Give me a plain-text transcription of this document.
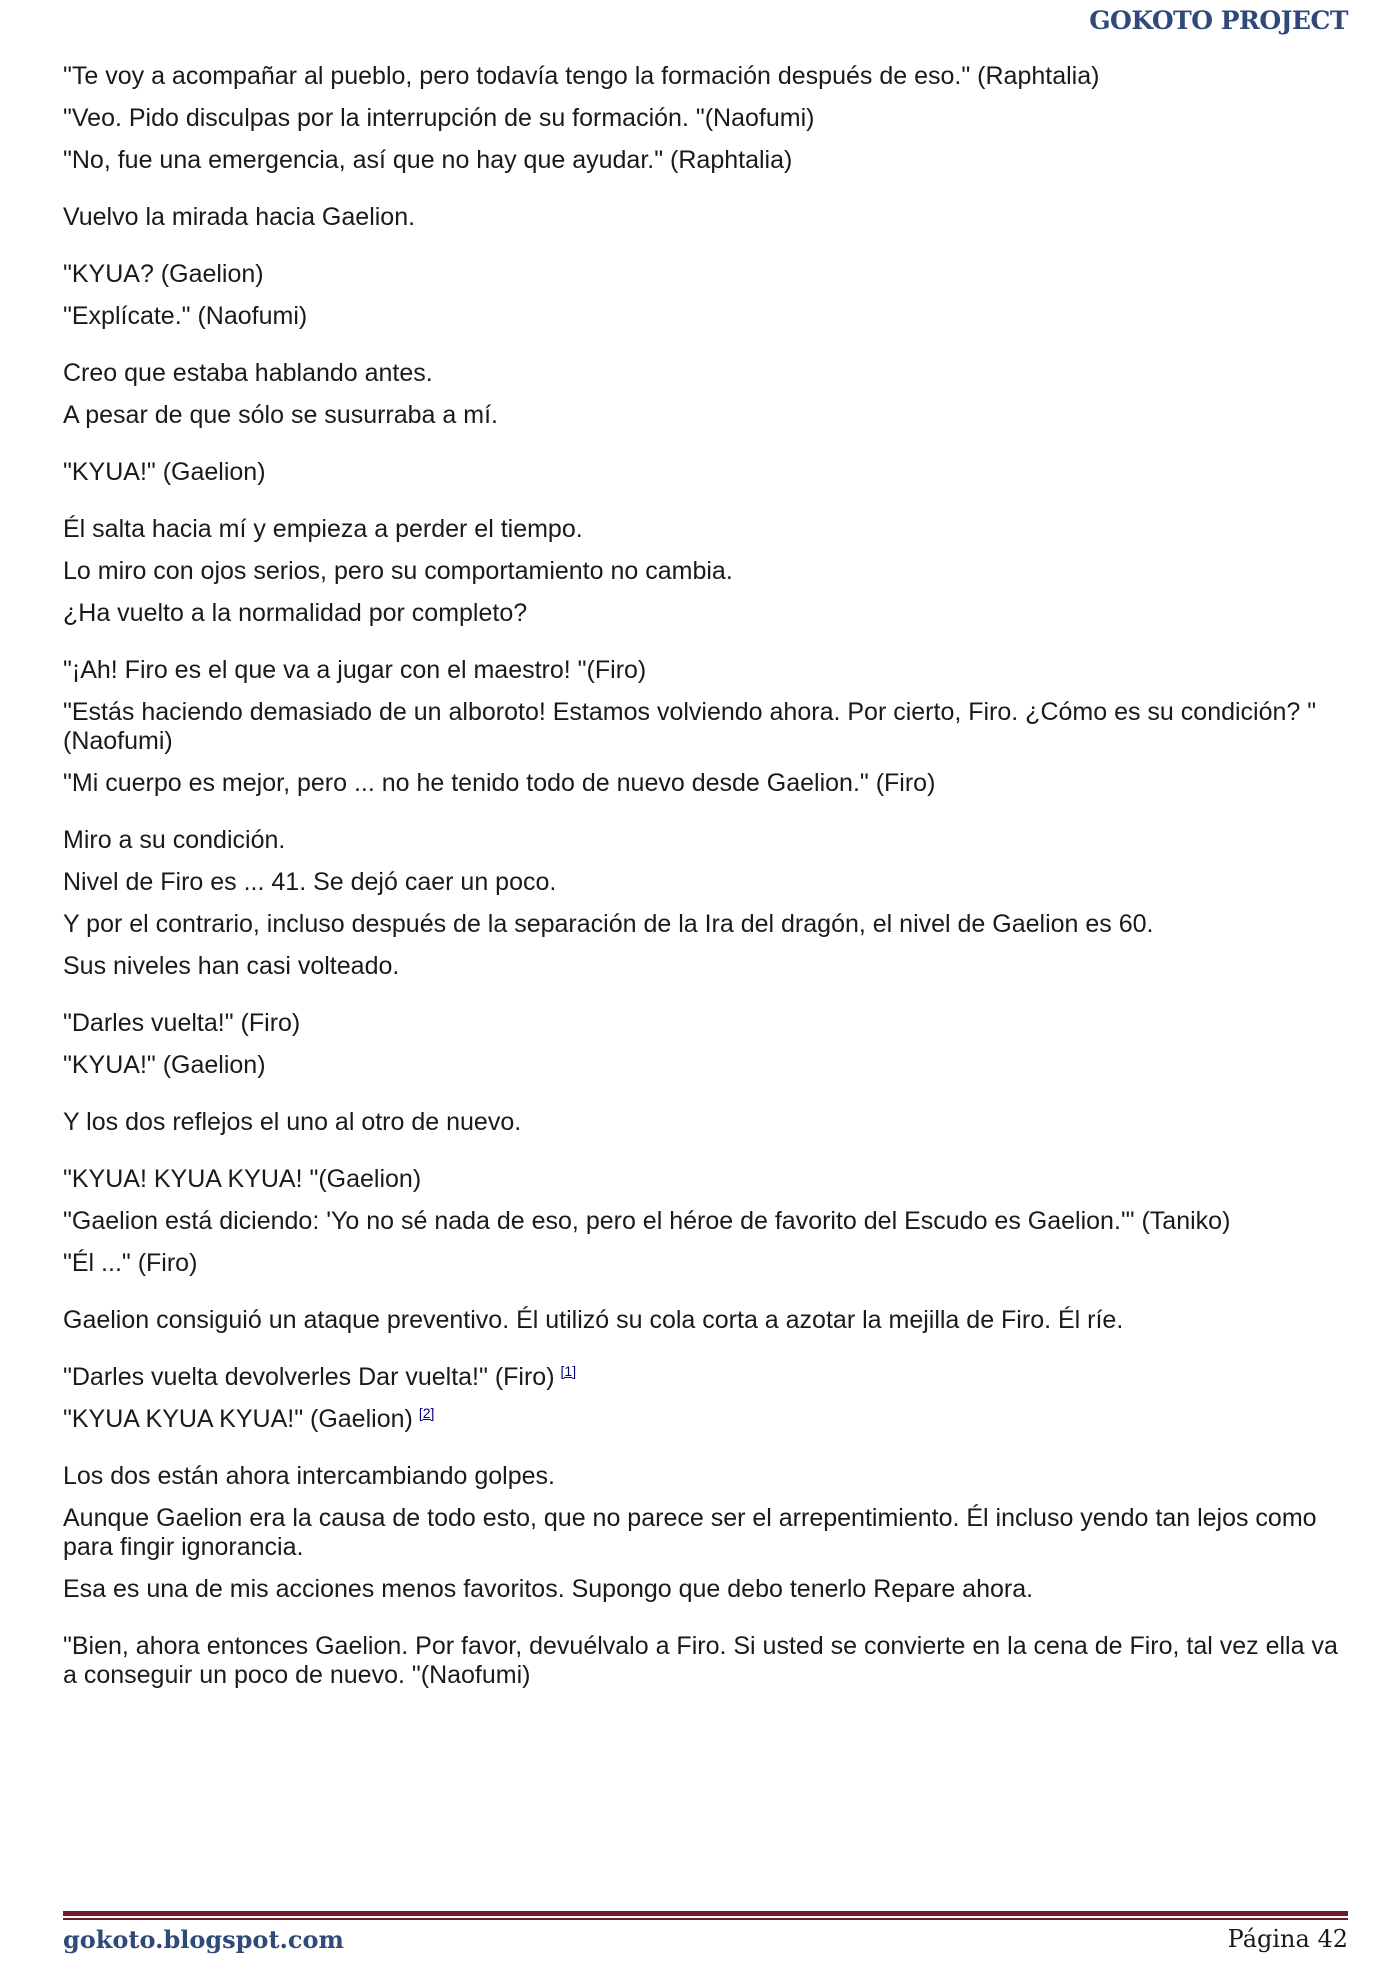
GOKOTO PROJECT
"Te voy a acompañar al pueblo, pero todavía tengo la formación después de eso." (Raphtalia)
"Veo. Pido disculpas por la interrupción de su formación. "(Naofumi)
"No, fue una emergencia, así que no hay que ayudar." (Raphtalia)
Vuelvo la mirada hacia Gaelion.
"KYUA? (Gaelion)
"Explícate." (Naofumi)
Creo que estaba hablando antes.
A pesar de que sólo se susurraba a mí.
"KYUA!" (Gaelion)
Él salta hacia mí y empieza a perder el tiempo.
Lo miro con ojos serios, pero su comportamiento no cambia.
¿Ha vuelto a la normalidad por completo?
"¡Ah! Firo es el que va a jugar con el maestro! "(Firo)
"Estás haciendo demasiado de un alboroto! Estamos volviendo ahora. Por cierto, Firo. ¿Cómo es su condición? "(Naofumi)
"Mi cuerpo es mejor, pero ... no he tenido todo de nuevo desde Gaelion." (Firo)
Miro a su condición.
Nivel de Firo es ... 41. Se dejó caer un poco.
Y por el contrario, incluso después de la separación de la Ira del dragón, el nivel de Gaelion es 60.
Sus niveles han casi volteado.
"Darles vuelta!" (Firo)
"KYUA!" (Gaelion)
Y los dos reflejos el uno al otro de nuevo.
"KYUA! KYUA KYUA! "(Gaelion)
"Gaelion está diciendo: 'Yo no sé nada de eso, pero el héroe de favorito del Escudo es Gaelion.'" (Taniko)
"Él ..." (Firo)
Gaelion consiguió un ataque preventivo. Él utilizó su cola corta a azotar la mejilla de Firo. Él ríe.
"Darles vuelta devolverles Dar vuelta!" (Firo) [1]
"KYUA KYUA KYUA!" (Gaelion) [2]
Los dos están ahora intercambiando golpes.
Aunque Gaelion era la causa de todo esto, que no parece ser el arrepentimiento. Él incluso yendo tan lejos como para fingir ignorancia.
Esa es una de mis acciones menos favoritos. Supongo que debo tenerlo Repare ahora.
"Bien, ahora entonces Gaelion. Por favor, devuélvalo a Firo. Si usted se convierte en la cena de Firo, tal vez ella va a conseguir un poco de nuevo. "(Naofumi)
gokoto.blogspot.com	Página 42
